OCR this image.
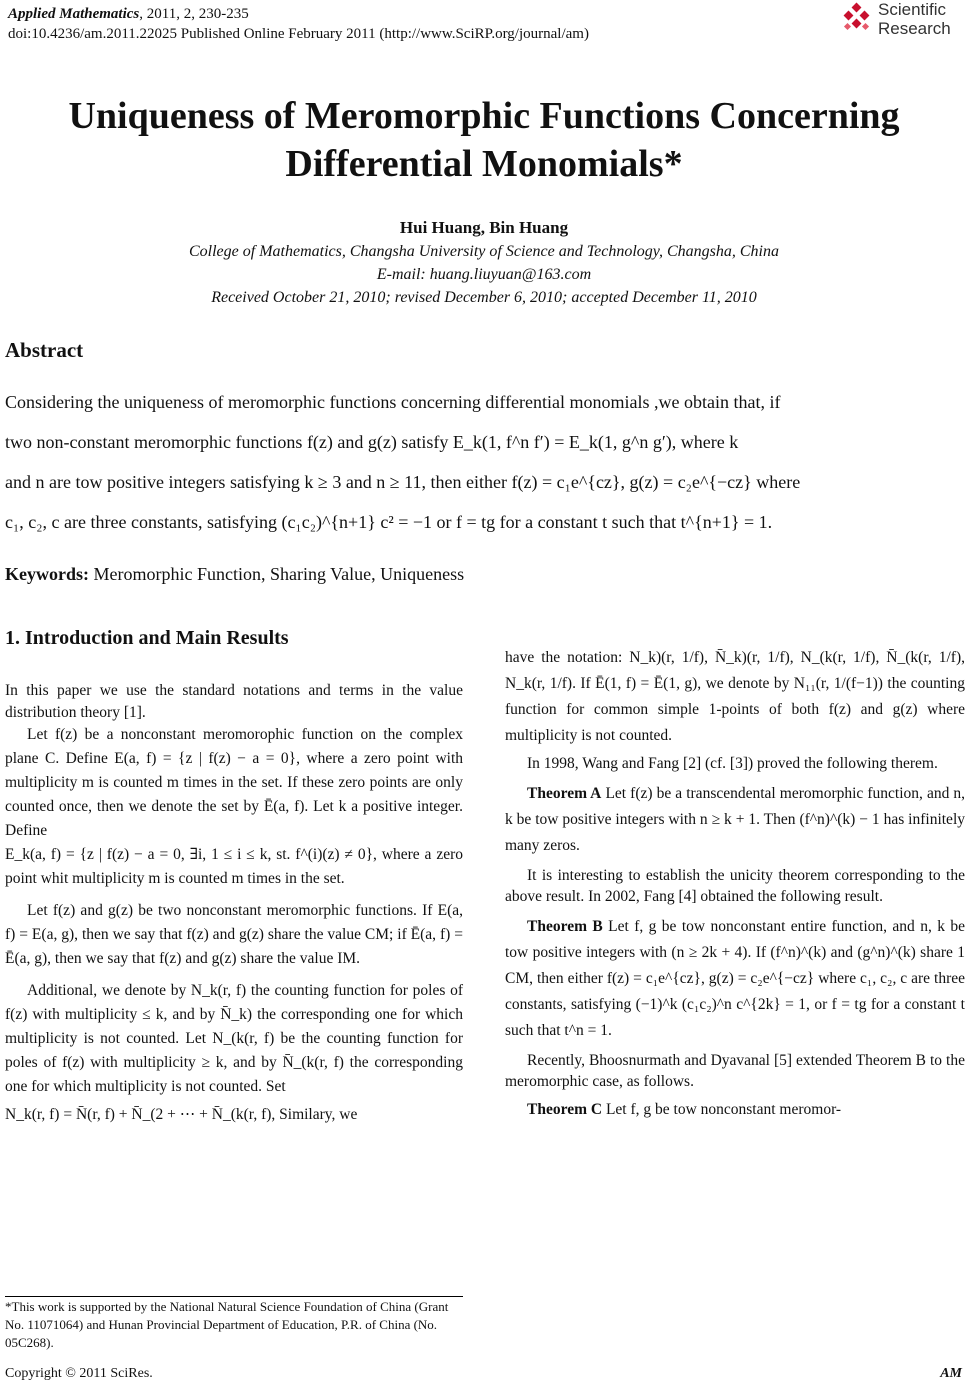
Applied Mathematics, 2011, 2, 230-235
doi:10.4236/am.2011.22025 Published Online February 2011 (http://www.SciRP.org/journal/am)
Scientific
Research
Uniqueness of Meromorphic Functions Concerning
Differential Monomials*
Hui Huang, Bin Huang
College of Mathematics, Changsha University of Science and Technology, Changsha, China
E-mail: huang.liuyuan@163.com
Received October 21, 2010; revised December 6, 2010; accepted December 11, 2010
Abstract
Considering the uniqueness of meromorphic functions concerning differential monomials ,we obtain that, if
two non-constant meromorphic functions f(z) and g(z) satisfy E_k(1, f^n f′) = E_k(1, g^n g′), where k
and n are tow positive integers satisfying k ≥ 3 and n ≥ 11, then either f(z) = c₁e^{cz}, g(z) = c₂e^{−cz} where
c₁, c₂, c are three constants, satisfying (c₁c₂)^{n+1} c² = −1 or f = tg for a constant t such that t^{n+1} = 1.
Keywords: Meromorphic Function, Sharing Value, Uniqueness
1. Introduction and Main Results

In this paper we use the standard notations and terms in the value distribution theory [1].

Let f(z) be a nonconstant meromorophic function on the complex plane C. Define E(a, f) = {z | f(z) − a = 0}, where a zero point with multiplicity m is counted m times in the set. If these zero points are only counted once, then we denote the set by Ē(a, f). Let k a positive integer. Define

E_k(a, f) = {z | f(z) − a = 0, ∃i, 1 ≤ i ≤ k, st. f^(i)(z) ≠ 0}, where a zero point whit multiplicity m is counted m times in the set.

Let f(z) and g(z) be two nonconstant meromorphic functions. If E(a, f) = E(a, g), then we say that f(z) and g(z) share the value CM; if Ē(a, f) = Ē(a, g), then we say that f(z) and g(z) share the value IM.

Additional, we denote by N_k(r, f) the counting function for poles of f(z) with multiplicity ≤ k, and by N̄_k) the corresponding one for which multiplicity is not counted. Let N_(k(r, f) be the counting function for poles of f(z) with multiplicity ≥ k, and by N̄_(k(r, f) the corresponding one for which multiplicity is not counted. Set

N_k(r, f) = N̄(r, f) + N̄_(2 + ⋯ + N̄_(k(r, f), Similary, we

have the notation: N_k)(r, 1/f), N̄_k)(r, 1/f), N_(k(r, 1/f), N̄_(k(r, 1/f), N_k(r, 1/f). If Ē(1, f) = Ē(1, g), we denote by N₁₁(r, 1/(f−1)) the counting function for common simple 1-points of both f(z) and g(z) where multiplicity is not counted.

In 1998, Wang and Fang [2] (cf. [3]) proved the following therem.

Theorem A Let f(z) be a transcendental meromorphic function, and n, k be tow positive integers with n ≥ k + 1. Then (f^n)^(k) − 1 has infinitely many zeros.

It is interesting to establish the unicity theorem corresponding to the above result. In 2002, Fang [4] obtained the following result.

Theorem B Let f, g be tow nonconstant entire function, and n, k be tow positive integers with (n ≥ 2k + 4). If (f^n)^(k) and (g^n)^(k) share 1 CM, then either f(z) = c₁e^{cz}, g(z) = c₂e^{−cz} where c₁, c₂, c are three constants, satisfying (−1)^k (c₁c₂)^n c^{2k} = 1, or f = tg for a constant t such that t^n = 1.

Recently, Bhoosnurmath and Dyavanal [5] extended Theorem B to the meromorphic case, as follows.

Theorem C Let f, g be tow nonconstant meromor-

*This work is supported by the National Natural Science Foundation of China (Grant No. 11071064) and Hunan Provincial Department of Education, P.R. of China (No. 05C268).
Copyright © 2011 SciRes.	AM
